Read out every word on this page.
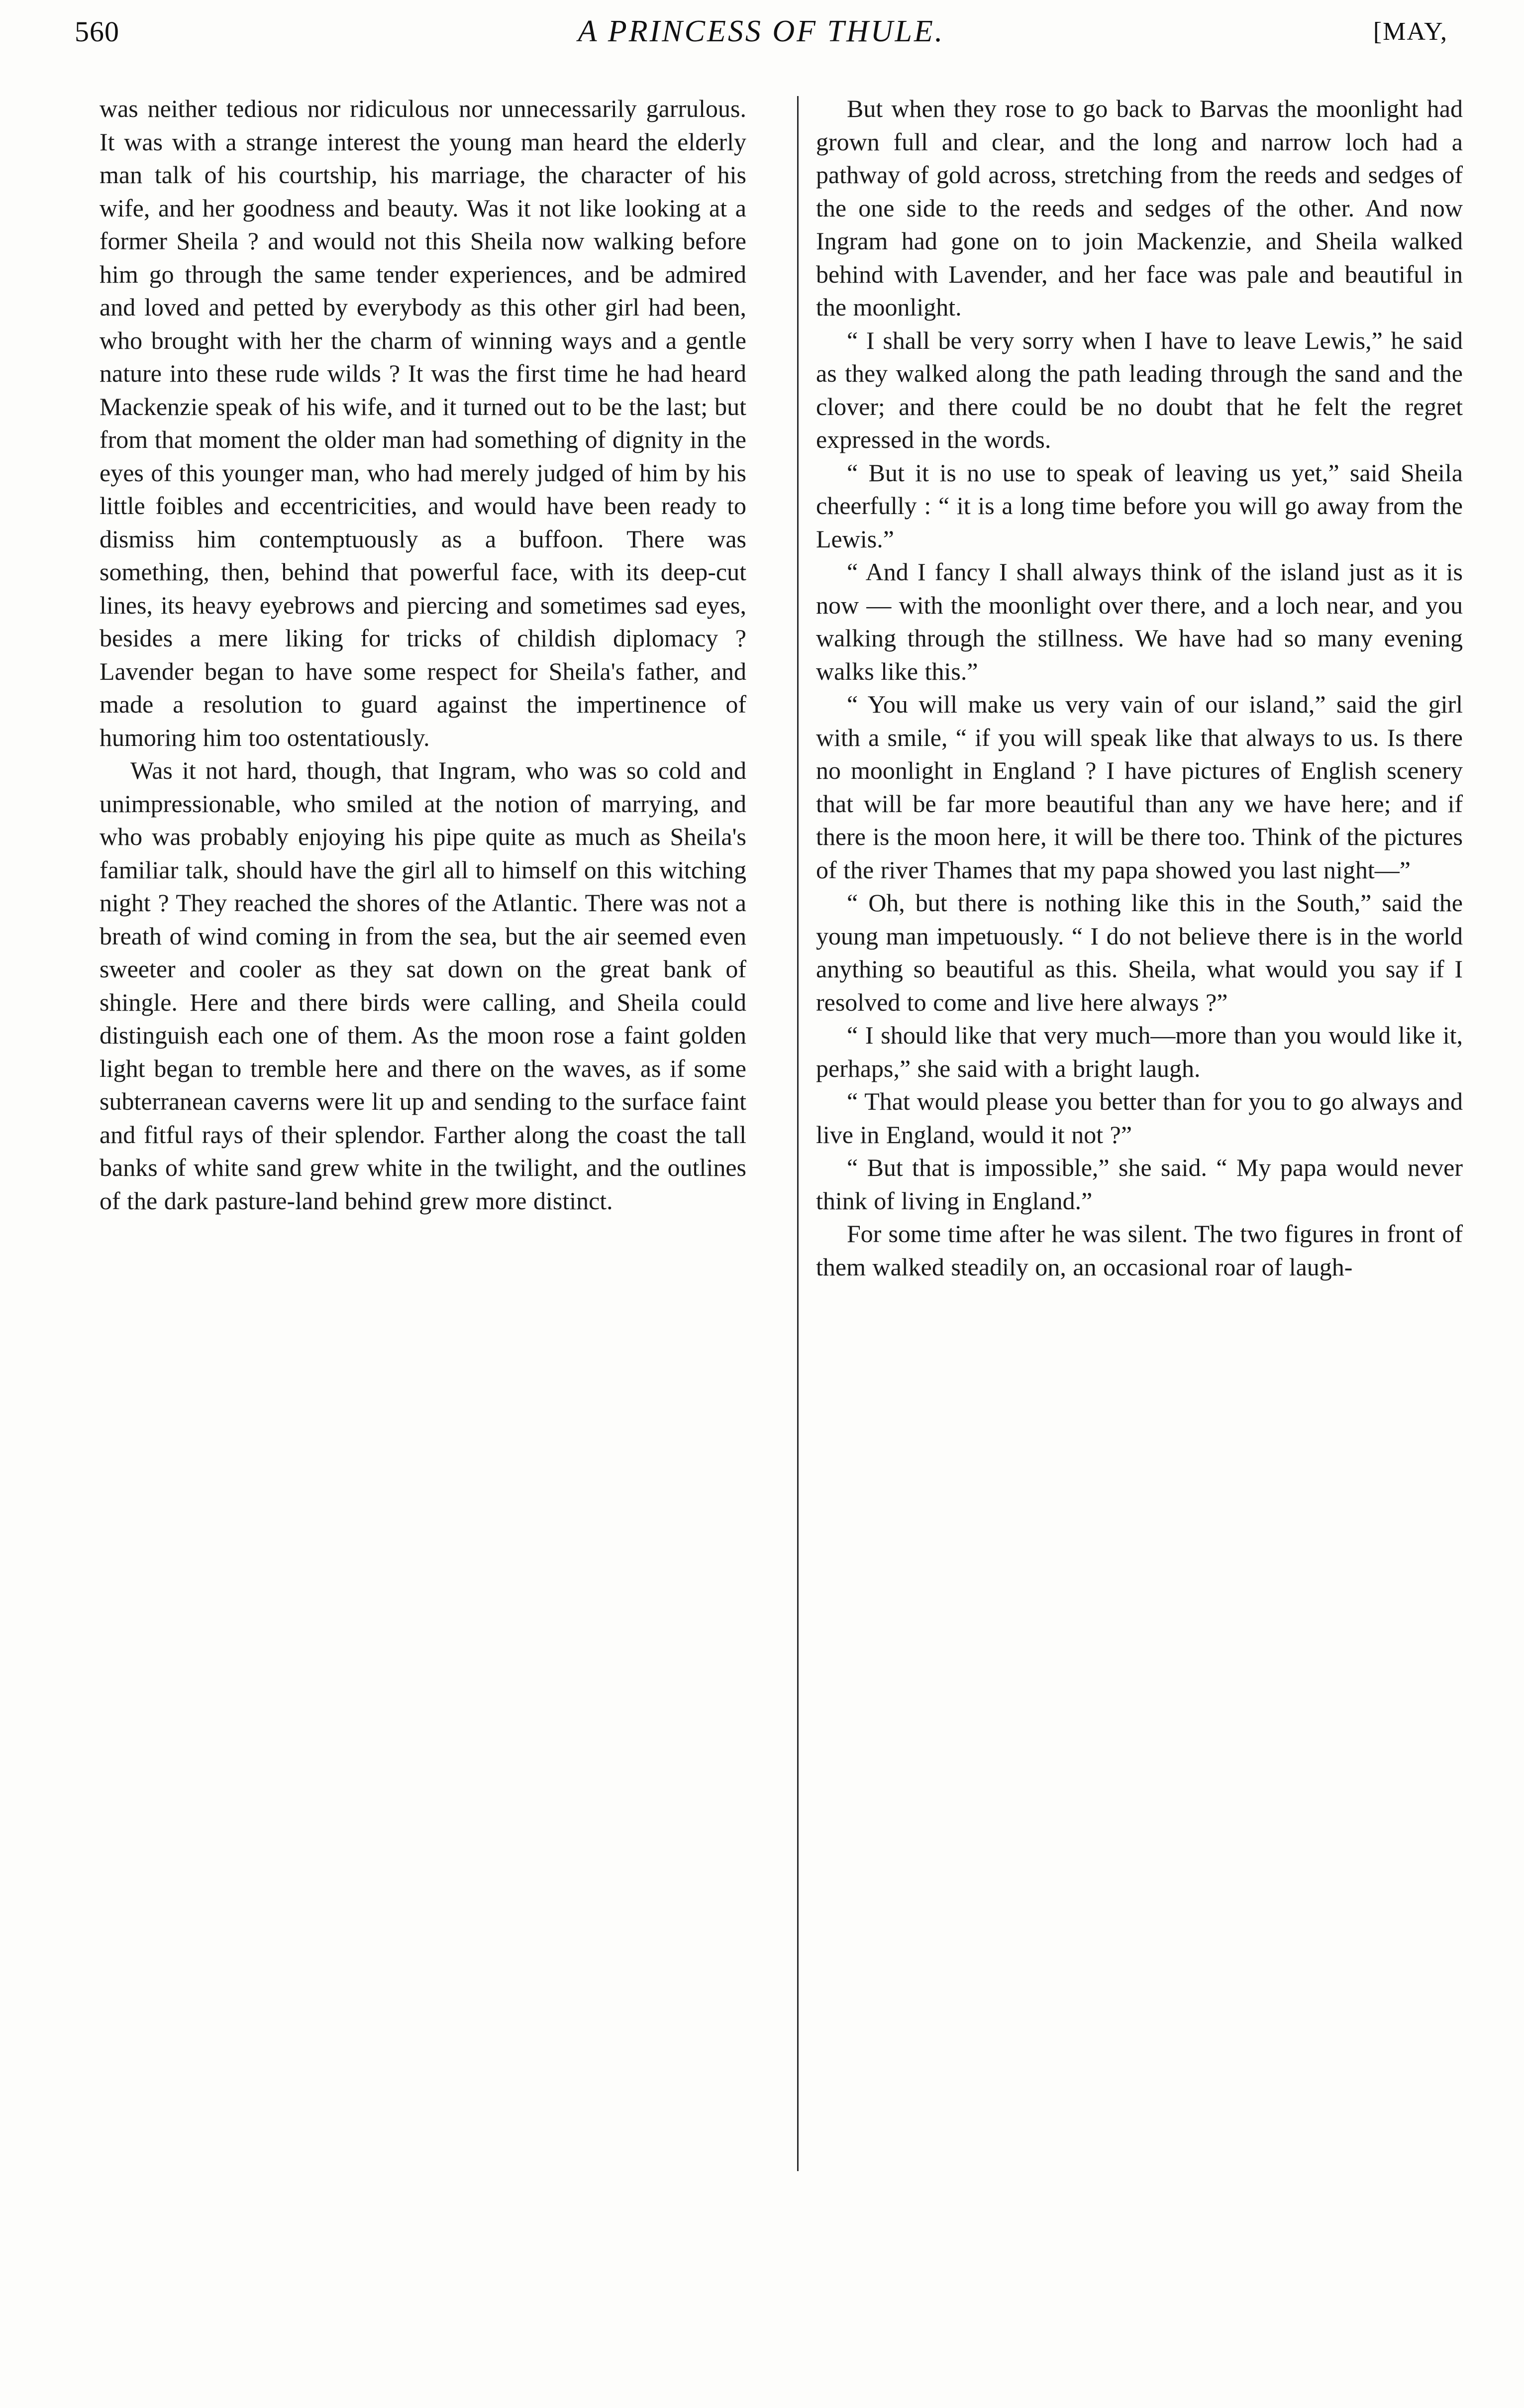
560	A PRINCESS OF THULE.	[MAY,

was neither tedious nor ridiculous nor unnecessarily garrulous. It was with a strange interest the young man heard the elderly man talk of his courtship, his marriage, the character of his wife, and her goodness and beauty. Was it not like looking at a former Sheila ? and would not this Sheila now walking before him go through the same tender experiences, and be admired and loved and petted by everybody as this other girl had been, who brought with her the charm of winning ways and a gentle nature into these rude wilds ? It was the first time he had heard Mackenzie speak of his wife, and it turned out to be the last; but from that moment the older man had something of dignity in the eyes of this younger man, who had merely judged of him by his little foibles and eccentricities, and would have been ready to dismiss him contemptuously as a buffoon. There was something, then, behind that powerful face, with its deep-cut lines, its heavy eyebrows and piercing and sometimes sad eyes, besides a mere liking for tricks of childish diplomacy ? Lavender began to have some respect for Sheila's father, and made a resolution to guard against the impertinence of humoring him too ostentatiously.

Was it not hard, though, that Ingram, who was so cold and unimpressionable, who smiled at the notion of marrying, and who was probably enjoying his pipe quite as much as Sheila's familiar talk, should have the girl all to himself on this witching night ? They reached the shores of the Atlantic. There was not a breath of wind coming in from the sea, but the air seemed even sweeter and cooler as they sat down on the great bank of shingle. Here and there birds were calling, and Sheila could distinguish each one of them. As the moon rose a faint golden light began to tremble here and there on the waves, as if some subterranean caverns were lit up and sending to the surface faint and fitful rays of their splendor. Farther along the coast the tall banks of white sand grew white in the twilight, and the outlines of the dark pasture-land behind grew more distinct.

But when they rose to go back to Barvas the moonlight had grown full and clear, and the long and narrow loch had a pathway of gold across, stretching from the reeds and sedges of the one side to the reeds and sedges of the other. And now Ingram had gone on to join Mackenzie, and Sheila walked behind with Lavender, and her face was pale and beautiful in the moonlight.

“ I shall be very sorry when I have to leave Lewis,” he said as they walked along the path leading through the sand and the clover; and there could be no doubt that he felt the regret expressed in the words.

“ But it is no use to speak of leaving us yet,” said Sheila cheerfully : “ it is a long time before you will go away from the Lewis.”

“ And I fancy I shall always think of the island just as it is now — with the moonlight over there, and a loch near, and you walking through the stillness. We have had so many evening walks like this.”

“ You will make us very vain of our island,” said the girl with a smile, “ if you will speak like that always to us. Is there no moonlight in England ? I have pictures of English scenery that will be far more beautiful than any we have here; and if there is the moon here, it will be there too. Think of the pictures of the river Thames that my papa showed you last night—”

“ Oh, but there is nothing like this in the South,” said the young man impetuously. “ I do not believe there is in the world anything so beautiful as this. Sheila, what would you say if I resolved to come and live here always ?”

“ I should like that very much—more than you would like it, perhaps,” she said with a bright laugh.

“ That would please you better than for you to go always and live in England, would it not ?”

“ But that is impossible,” she said. “ My papa would never think of living in England.”

For some time after he was silent. The two figures in front of them walked steadily on, an occasional roar of laugh-
